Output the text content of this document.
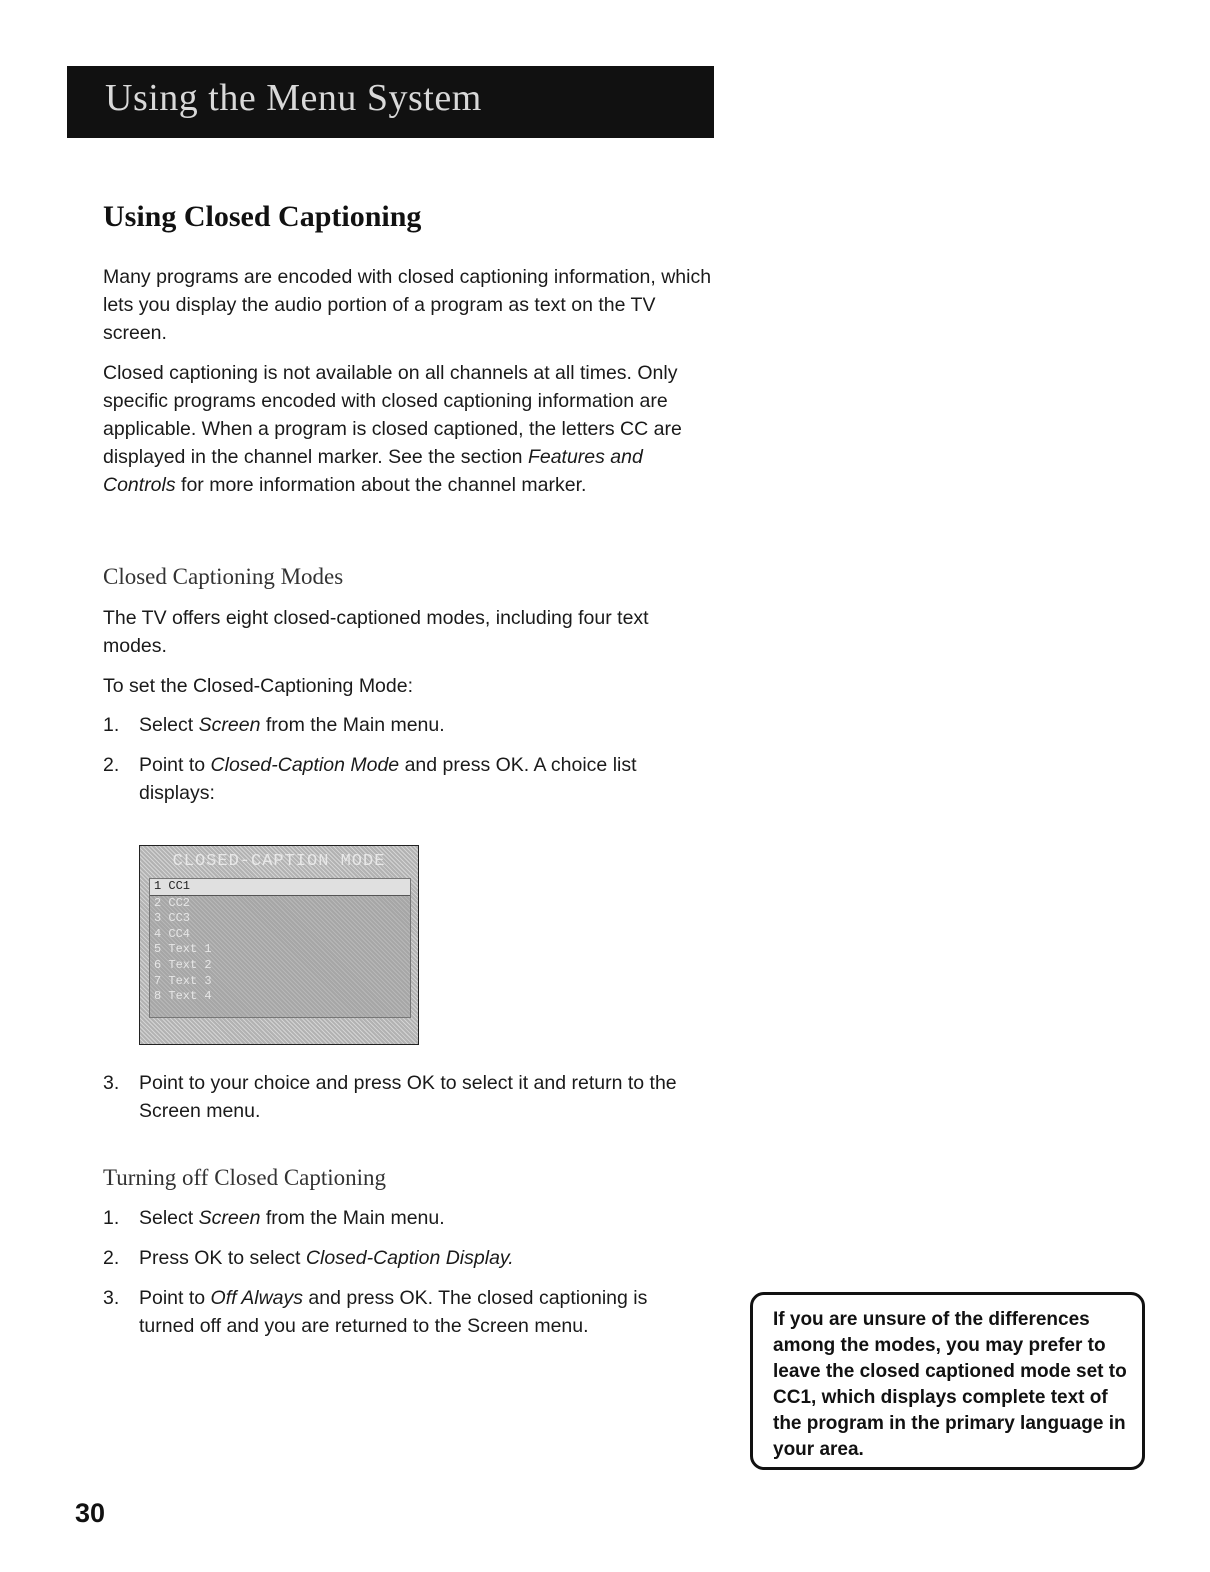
Using the Menu System
Using Closed Captioning
Many programs are encoded with closed captioning information, which lets you display the audio portion of a program as text on the TV screen.
Closed captioning is not available on all channels at all times. Only specific programs encoded with closed captioning information are applicable. When a program is closed captioned, the letters CC are displayed in the channel marker. See the section Features and Controls for more information about the channel marker.
Closed Captioning Modes
The TV offers eight closed-captioned modes, including four text modes.
To set the Closed-Captioning Mode:
1. Select Screen from the Main menu.
2. Point to Closed-Caption Mode and press OK. A choice list displays:
CLOSED-CAPTION MODE
1 CC1
2 CC2
3 CC3
4 CC4
5 Text 1
6 Text 2
7 Text 3
8 Text 4
3. Point to your choice and press OK to select it and return to the Screen menu.
Turning off Closed Captioning
1. Select Screen from the Main menu.
2. Press OK to select Closed-Caption Display.
3. Point to Off Always and press OK. The closed captioning is turned off and you are returned to the Screen menu.	If you are unsure of the differences among the modes, you may prefer to leave the closed captioned mode set to CC1, which displays complete text of the program in the primary language in your area.
30
